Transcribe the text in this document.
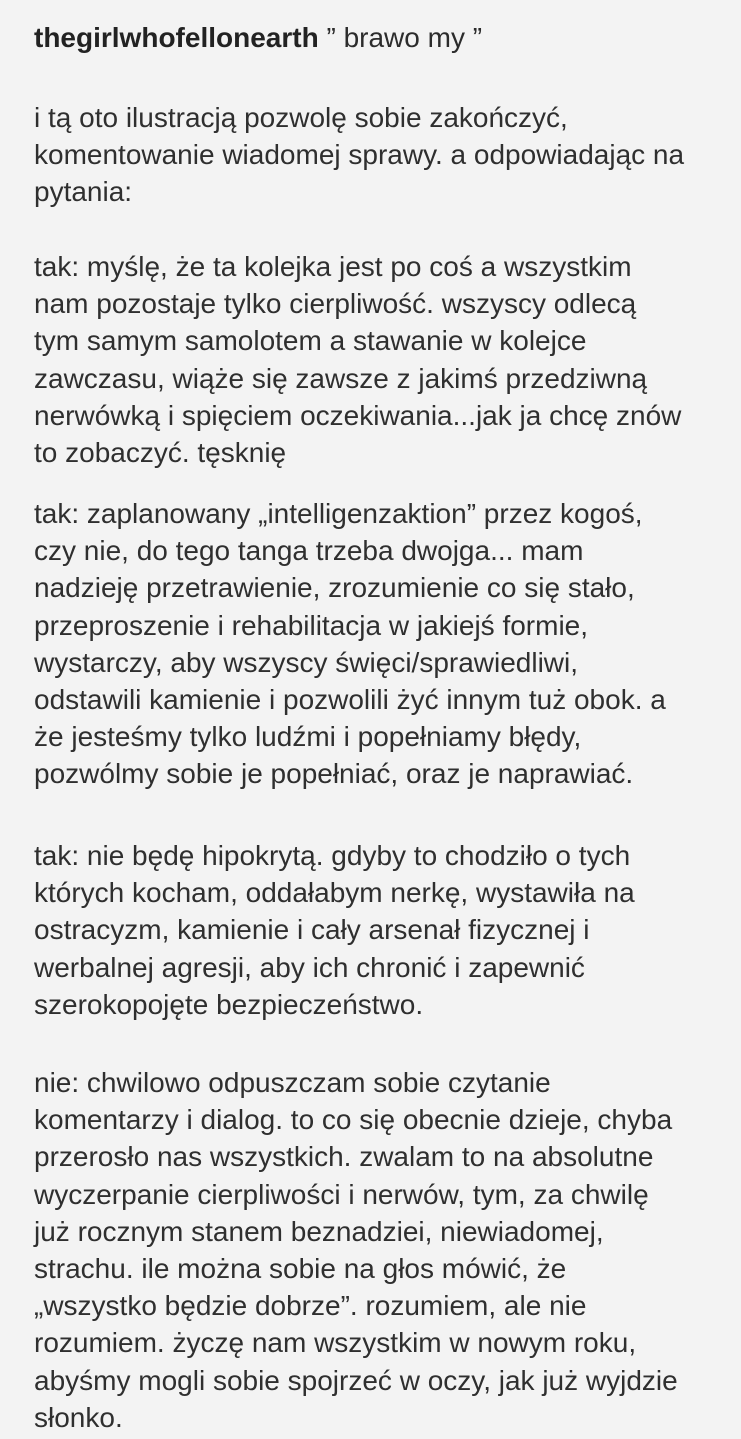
thegirlwhofellonearth ” brawo my ”
i tą oto ilustracją pozwolę sobie zakończyć,
komentowanie wiadomej sprawy. a odpowiadając na
pytania:
tak: myślę, że ta kolejka jest po coś a wszystkim
nam pozostaje tylko cierpliwość. wszyscy odlecą
tym samym samolotem a stawanie w kolejce
zawczasu, wiąże się zawsze z jakimś przedziwną
nerwówką i spięciem oczekiwania...jak ja chcę znów
to zobaczyć. tęsknię
tak: zaplanowany „intelligenzaktion” przez kogoś,
czy nie, do tego tanga trzeba dwojga... mam
nadzieję przetrawienie, zrozumienie co się stało,
przeproszenie i rehabilitacja w jakiejś formie,
wystarczy, aby wszyscy święci/sprawiedliwi,
odstawili kamienie i pozwolili żyć innym tuż obok. a
że jesteśmy tylko ludźmi i popełniamy błędy,
pozwólmy sobie je popełniać, oraz je naprawiać.
tak: nie będę hipokrytą. gdyby to chodziło o tych
których kocham, oddałabym nerkę, wystawiła na
ostracyzm, kamienie i cały arsenał fizycznej i
werbalnej agresji, aby ich chronić i zapewnić
szerokopojęte bezpieczeństwo.
nie: chwilowo odpuszczam sobie czytanie
komentarzy i dialog. to co się obecnie dzieje, chyba
przerosło nas wszystkich. zwalam to na absolutne
wyczerpanie cierpliwości i nerwów, tym, za chwilę
już rocznym stanem beznadziei, niewiadomej,
strachu. ile można sobie na głos mówić, że
„wszystko będzie dobrze”. rozumiem, ale nie
rozumiem. życzę nam wszystkim w nowym roku,
abyśmy mogli sobie spojrzeć w oczy, jak już wyjdzie
słonko.
